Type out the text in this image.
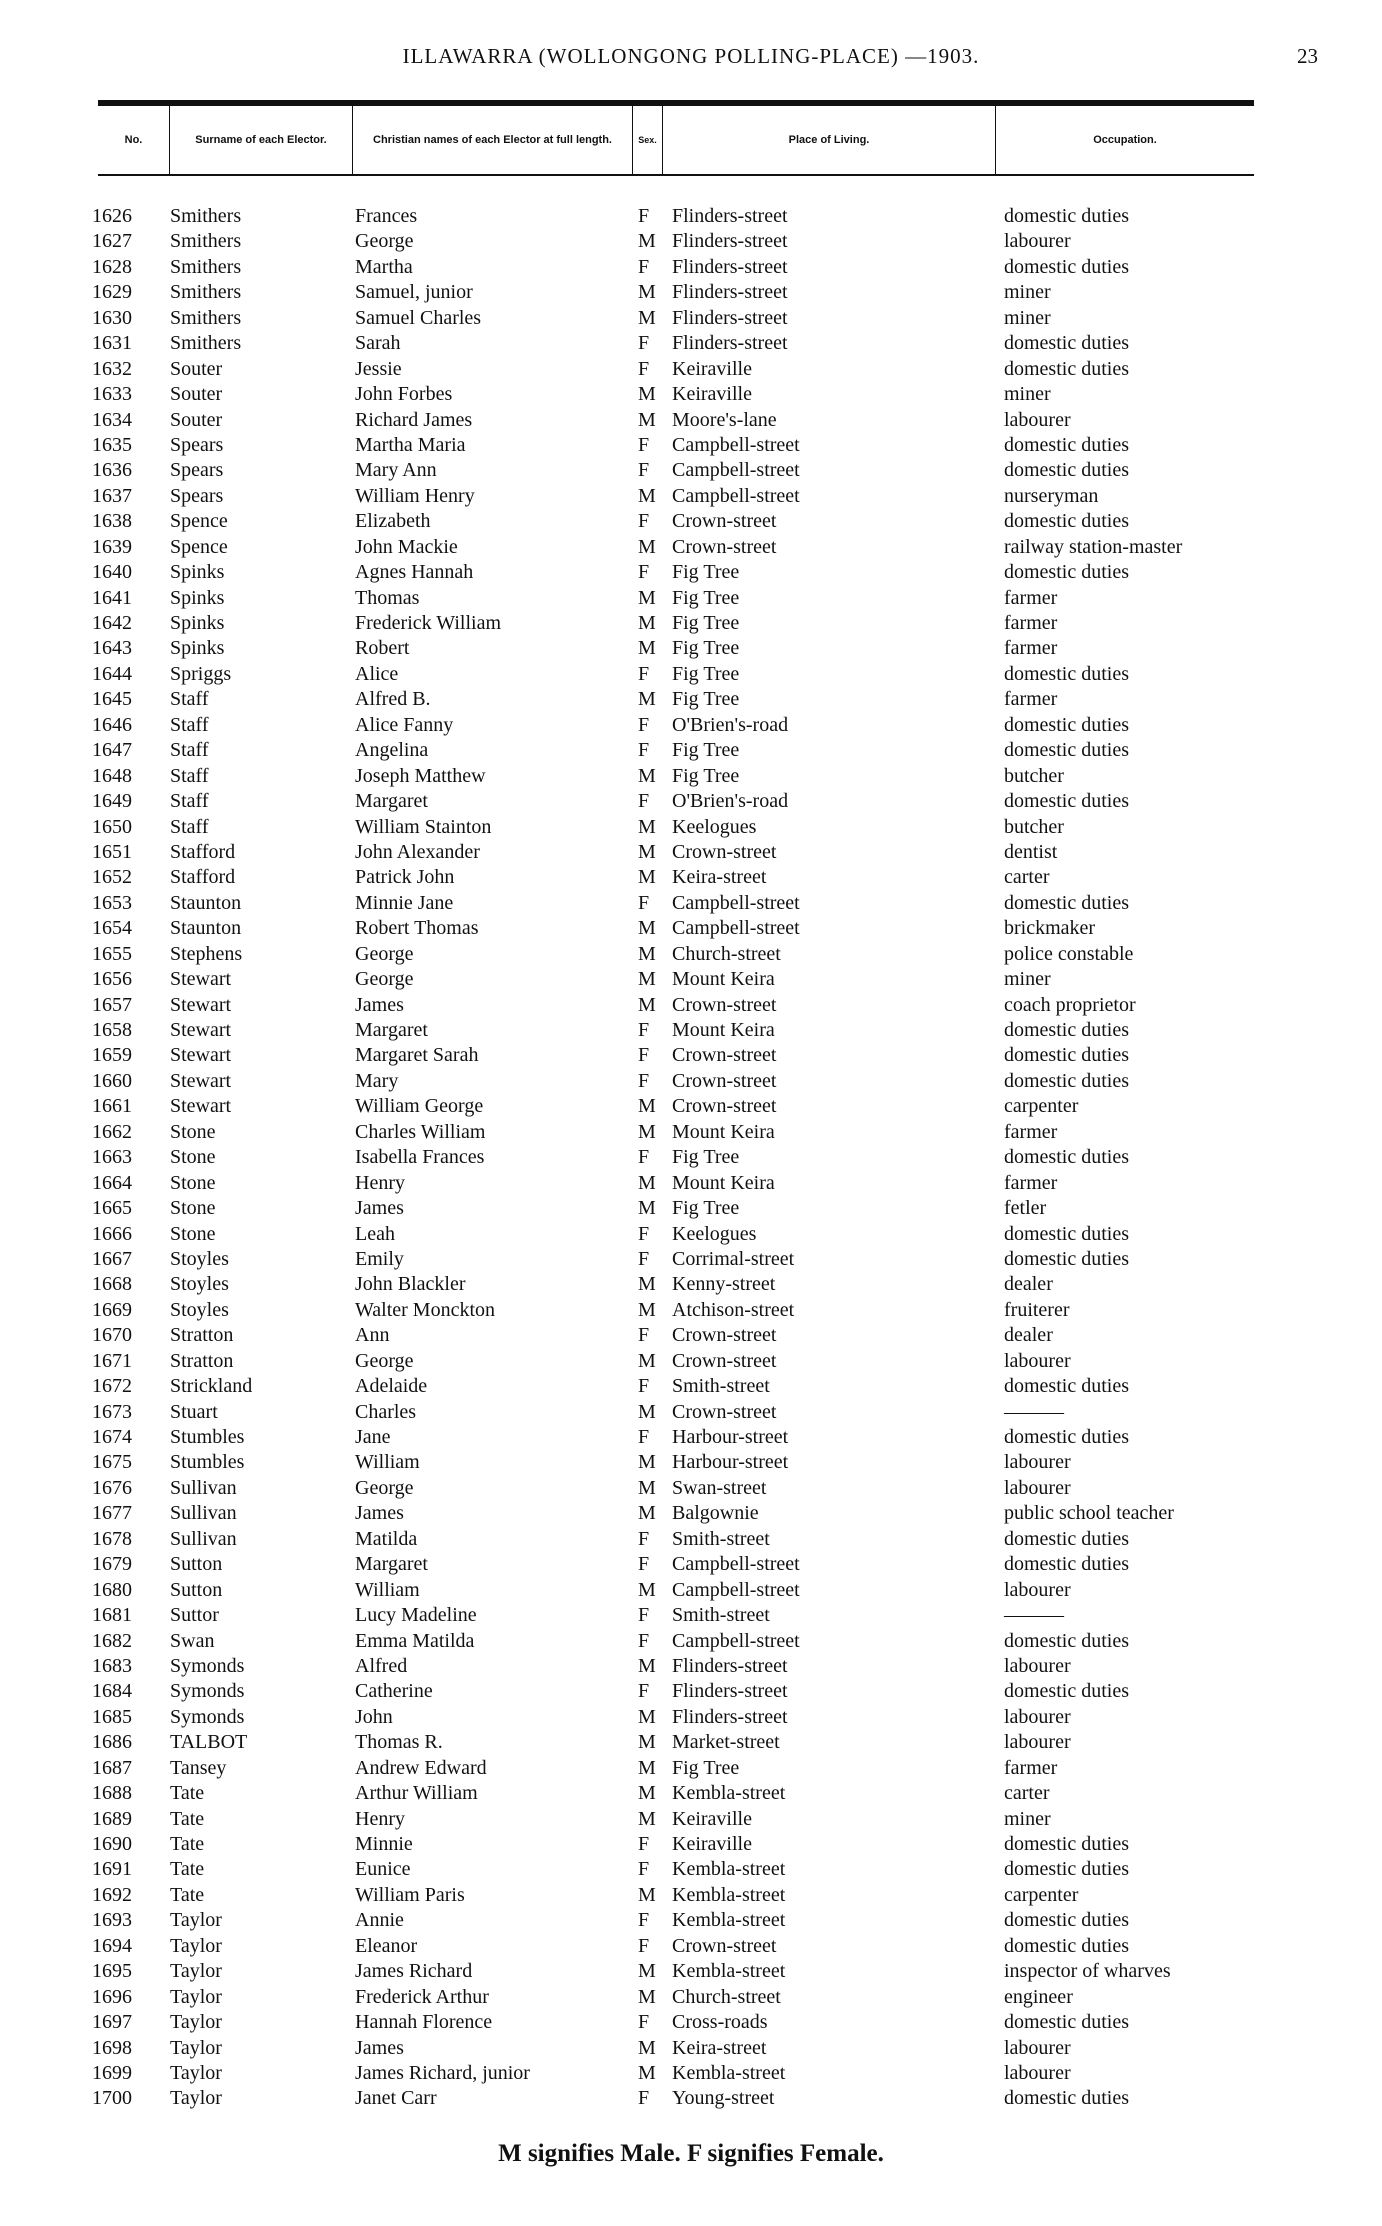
ILLAWARRA (WOLLONGONG POLLING-PLACE) —1903.	23
No.	Surname of each Elector.	Christian names of each Elector at full length.	Sex.	Place of Living.	Occupation.
1626 Smithers	Frances	F Flinders-street	domestic duties
1627 Smithers	George	M Flinders-street	labourer
1628 Smithers	Martha	F Flinders-street	domestic duties
1629 Smithers	Samuel, junior	M Flinders-street	miner
1630 Smithers	Samuel Charles	M Flinders-street	miner
1631 Smithers	Sarah	F Flinders-street	domestic duties
1632 Souter	Jessie	F Keiraville	domestic duties
1633 Souter	John Forbes	M Keiraville	miner
1634 Souter	Richard James	M Moore's-lane	labourer
1635 Spears	Martha Maria	F Campbell-street	domestic duties
1636 Spears	Mary Ann	F Campbell-street	domestic duties
1637 Spears	William Henry	M Campbell-street	nurseryman
1638 Spence	Elizabeth	F Crown-street	domestic duties
1639 Spence	John Mackie	M Crown-street	railway station-master
1640 Spinks	Agnes Hannah	F Fig Tree	domestic duties
1641 Spinks	Thomas	M Fig Tree	farmer
1642 Spinks	Frederick William	M Fig Tree	farmer
1643 Spinks	Robert	M Fig Tree	farmer
1644 Spriggs	Alice	F Fig Tree	domestic duties
1645 Staff	Alfred B.	M Fig Tree	farmer
1646 Staff	Alice Fanny	F O'Brien's-road	domestic duties
1647 Staff	Angelina	F Fig Tree	domestic duties
1648 Staff	Joseph Matthew	M Fig Tree	butcher
1649 Staff	Margaret	F O'Brien's-road	domestic duties
1650 Staff	William Stainton	M Keelogues	butcher
1651 Stafford	John Alexander	M Crown-street	dentist
1652 Stafford	Patrick John	M Keira-street	carter
1653 Staunton	Minnie Jane	F Campbell-street	domestic duties
1654 Staunton	Robert Thomas	M Campbell-street	brickmaker
1655 Stephens	George	M Church-street	police constable
1656 Stewart	George	M Mount Keira	miner
1657 Stewart	James	M Crown-street	coach proprietor
1658 Stewart	Margaret	F Mount Keira	domestic duties
1659 Stewart	Margaret Sarah	F Crown-street	domestic duties
1660 Stewart	Mary	F Crown-street	domestic duties
1661 Stewart	William George	M Crown-street	carpenter
1662 Stone	Charles William	M Mount Keira	farmer
1663 Stone	Isabella Frances	F Fig Tree	domestic duties
1664 Stone	Henry	M Mount Keira	farmer
1665 Stone	James	M Fig Tree	fetler
1666 Stone	Leah	F Keelogues	domestic duties
1667 Stoyles	Emily	F Corrimal-street	domestic duties
1668 Stoyles	John Blackler	M Kenny-street	dealer
1669 Stoyles	Walter Monckton	M Atchison-street	fruiterer
1670 Stratton	Ann	F Crown-street	dealer
1671 Stratton	George	M Crown-street	labourer
1672 Strickland	Adelaide	F Smith-street	domestic duties
1673 Stuart	Charles	M Crown-street	———
1674 Stumbles	Jane	F Harbour-street	domestic duties
1675 Stumbles	William	M Harbour-street	labourer
1676 Sullivan	George	M Swan-street	labourer
1677 Sullivan	James	M Balgownie	public school teacher
1678 Sullivan	Matilda	F Smith-street	domestic duties
1679 Sutton	Margaret	F Campbell-street	domestic duties
1680 Sutton	William	M Campbell-street	labourer
1681 Suttor	Lucy Madeline	F Smith-street	———
1682 Swan	Emma Matilda	F Campbell-street	domestic duties
1683 Symonds	Alfred	M Flinders-street	labourer
1684 Symonds	Catherine	F Flinders-street	domestic duties
1685 Symonds	John	M Flinders-street	labourer
1686 TALBOT	Thomas R.	M Market-street	labourer
1687 Tansey	Andrew Edward	M Fig Tree	farmer
1688 Tate	Arthur William	M Kembla-street	carter
1689 Tate	Henry	M Keiraville	miner
1690 Tate	Minnie	F Keiraville	domestic duties
1691 Tate	Eunice	F Kembla-street	domestic duties
1692 Tate	William Paris	M Kembla-street	carpenter
1693 Taylor	Annie	F Kembla-street	domestic duties
1694 Taylor	Eleanor	F Crown-street	domestic duties
1695 Taylor	James Richard	M Kembla-street	inspector of wharves
1696 Taylor	Frederick Arthur	M Church-street	engineer
1697 Taylor	Hannah Florence	F Cross-roads	domestic duties
1698 Taylor	James	M Keira-street	labourer
1699 Taylor	James Richard, junior	M Kembla-street	labourer
1700 Taylor	Janet Carr	F Young-street	domestic duties
M signifies Male. F signifies Female.
